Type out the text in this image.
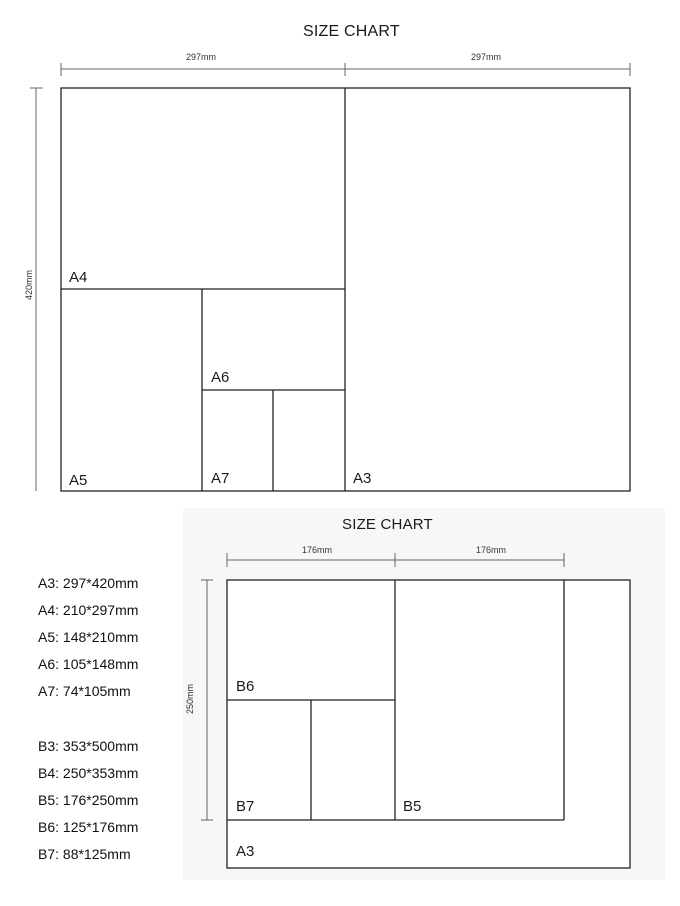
SIZE CHART
297mm	297mm
420mm A4
A6
A5	A7	A3
SIZE CHART
176mm	176mm
250mm	B6
B7	B5
A3
A3: 297*420mm
A4: 210*297mm
A5: 148*210mm
A6: 105*148mm
A7: 74*105mm
B3: 353*500mm
B4: 250*353mm
B5: 176*250mm
B6: 125*176mm
B7: 88*125mm
